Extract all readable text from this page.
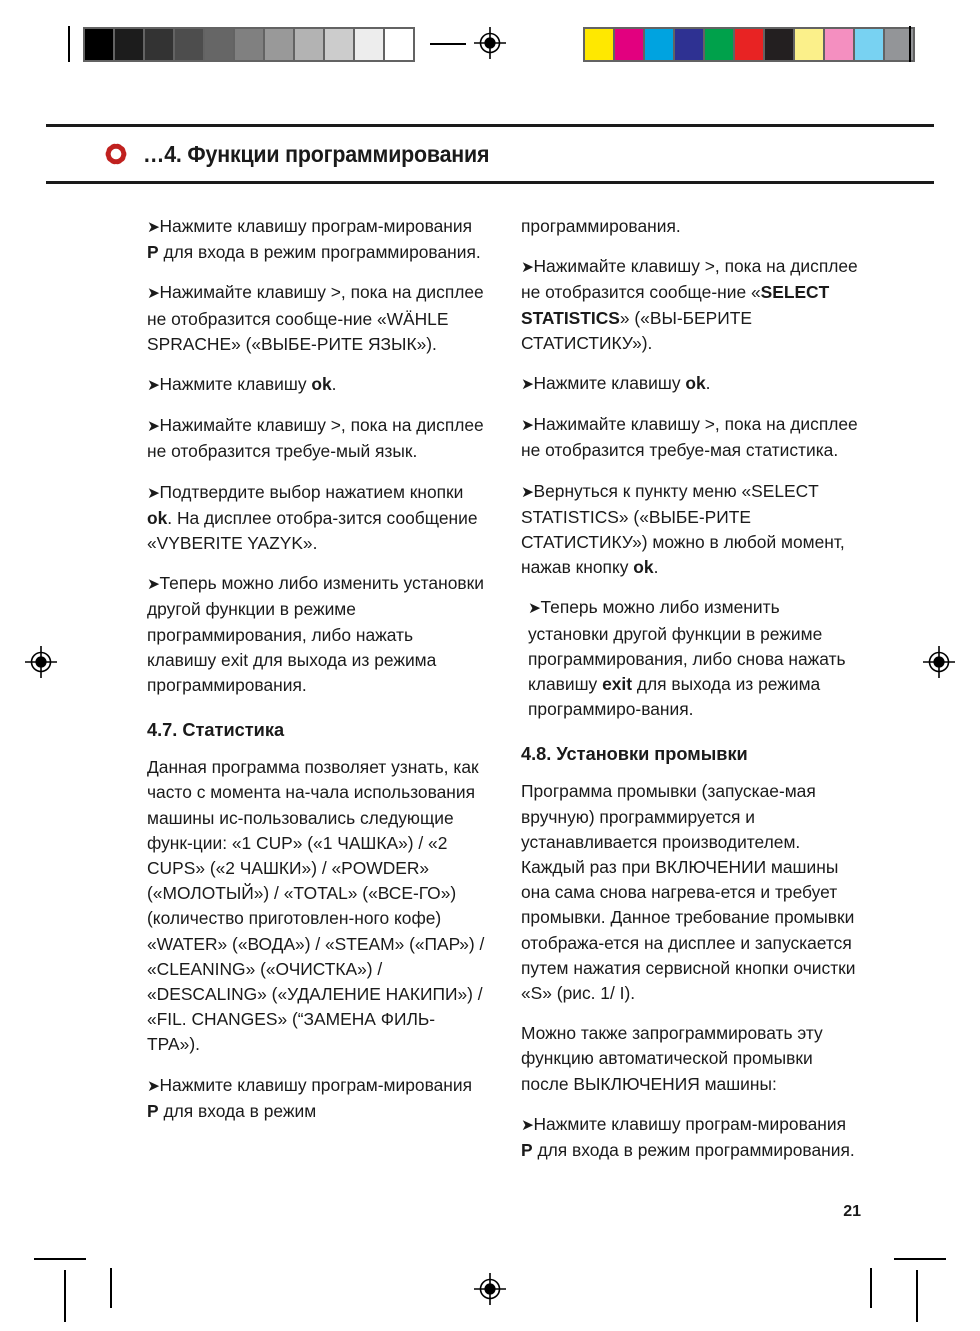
…4. Функции программирования

➤Нажмите клавишу програм-мирования P для входа в режим программирования.

➤Нажимайте клавишу >, пока на дисплее не отобразится сообще-ние «WÄHLE SPRACHE» («ВЫБЕ-РИТЕ ЯЗЫК»).

➤Нажмите клавишу ok.

➤Нажимайте клавишу >, пока на дисплее не отобразится требуе-мый язык.

➤Подтвердите выбор нажатием кнопки ok. На дисплее отобра-зится сообщение «VYBERITE YAZYK».

➤Теперь можно либо изменить установки другой функции в режиме программирования, либо нажать клавишу exit для выхода из режима программирования.

4.7. Статистика

Данная программа позволяет узнать, как часто с момента на-чала использования машины ис-пользовались следующие функ-ции: «1 CUP» («1 ЧАШКА») / «2 CUPS» («2 ЧАШКИ») / «POWDER» («МОЛОТЫЙ») / «TOTAL» («ВСЕ-ГО») (количество приготовлен-ного кофе) «WATER» («ВОДА») / «STEAM» («ПАР») / «CLEANING» («ОЧИСТКА») / «DESCALING» («УДАЛЕНИЕ НАКИПИ») / «FIL. CHANGES» (“ЗАМЕНА ФИЛЬ-ТРА»).

➤Нажмите клавишу програм-мирования P для входа в режим

программирования.

➤Нажимайте клавишу >, пока на дисплее не отобразится сообще-ние «SELECT STATISTICS» («ВЫ-БЕРИТЕ СТАТИСТИКУ»).

➤Нажмите клавишу ok.

➤Нажимайте клавишу >, пока на дисплее не отобразится требуе-мая статистика.

➤Вернуться к пункту меню «SELECT STATISTICS» («ВЫБЕ-РИТЕ СТАТИСТИКУ») можно в любой момент, нажав кнопку ok.

➤Теперь можно либо изменить установки другой функции в режиме программирования, либо снова нажать клавишу exit для выхода из режима программиро-вания.

4.8. Установки промывки

Программа промывки (запускае-мая вручную) программируется и устанавливается производителем. Каждый раз при ВКЛЮЧЕНИИ машины она сама снова нагрева-ется и требует промывки. Данное требование промывки отобража-ется на дисплее и запускается путем нажатия сервисной кнопки очистки «S» (рис. 1/ I).

Можно также запрограммировать эту функцию автоматической промывки после ВЫКЛЮЧЕНИЯ машины:

➤Нажмите клавишу програм-мирования P для входа в режим программирования.

21
